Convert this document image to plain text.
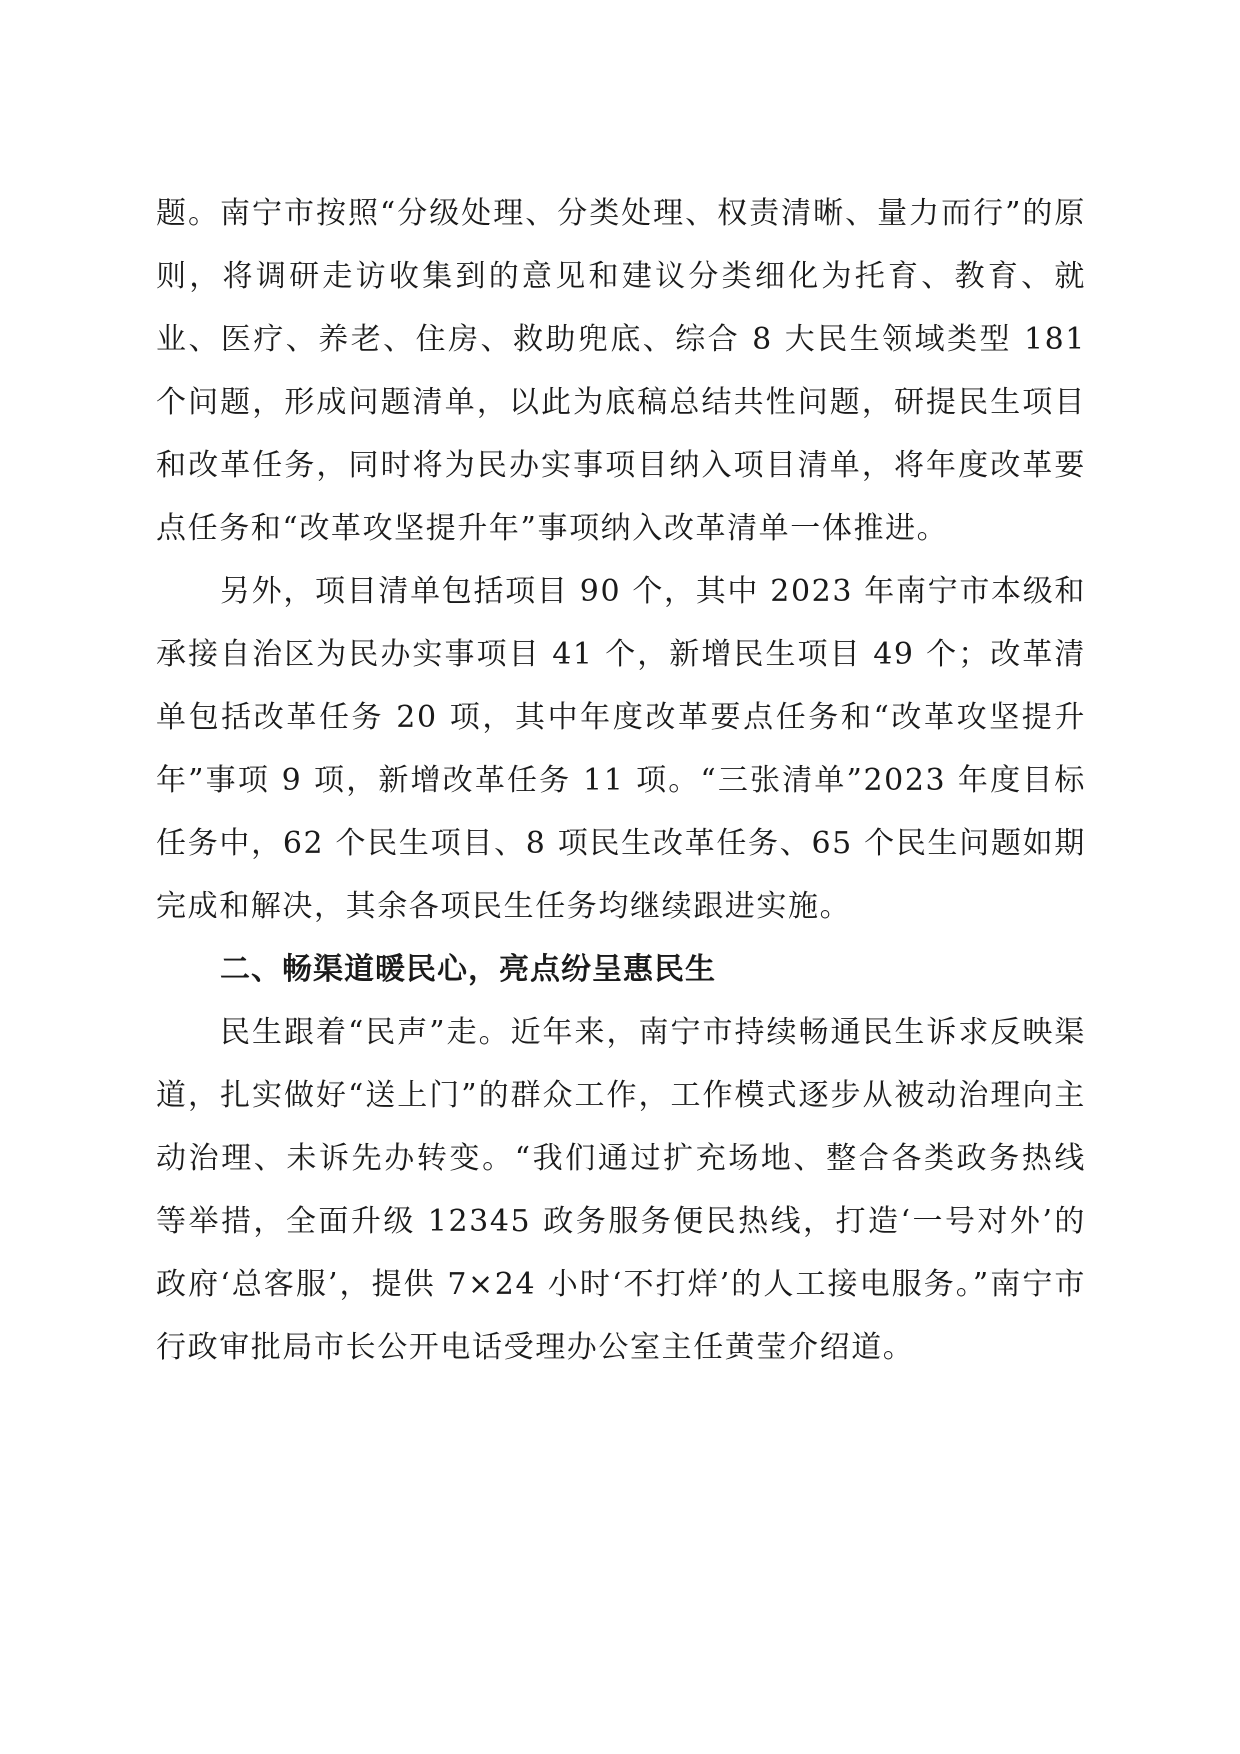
题。南宁市按照“分级处理、分类处理、权责清晰、量力而行”的原则，将调研走访收集到的意见和建议分类细化为托育、教育、就业、医疗、养老、住房、救助兜底、综合 8 大民生领域类型 181 个问题，形成问题清单，以此为底稿总结共性问题，研提民生项目和改革任务，同时将为民办实事项目纳入项目清单，将年度改革要点任务和“改革攻坚提升年”事项纳入改革清单一体推进。

另外，项目清单包括项目 90 个，其中 2023 年南宁市本级和承接自治区为民办实事项目 41 个，新增民生项目 49 个；改革清单包括改革任务 20 项，其中年度改革要点任务和“改革攻坚提升年”事项 9 项，新增改革任务 11 项。“三张清单”2023 年度目标任务中，62 个民生项目、8 项民生改革任务、65 个民生问题如期完成和解决，其余各项民生任务均继续跟进实施。

二、畅渠道暖民心，亮点纷呈惠民生

民生跟着“民声”走。近年来，南宁市持续畅通民生诉求反映渠道，扎实做好“送上门”的群众工作，工作模式逐步从被动治理向主动治理、未诉先办转变。“我们通过扩充场地、整合各类政务热线等举措，全面升级 12345 政务服务便民热线，打造‘一号对外’的政府‘总客服’，提供 7×24 小时‘不打烊’的人工接电服务。”南宁市行政审批局市长公开电话受理办公室主任黄莹介绍道。
